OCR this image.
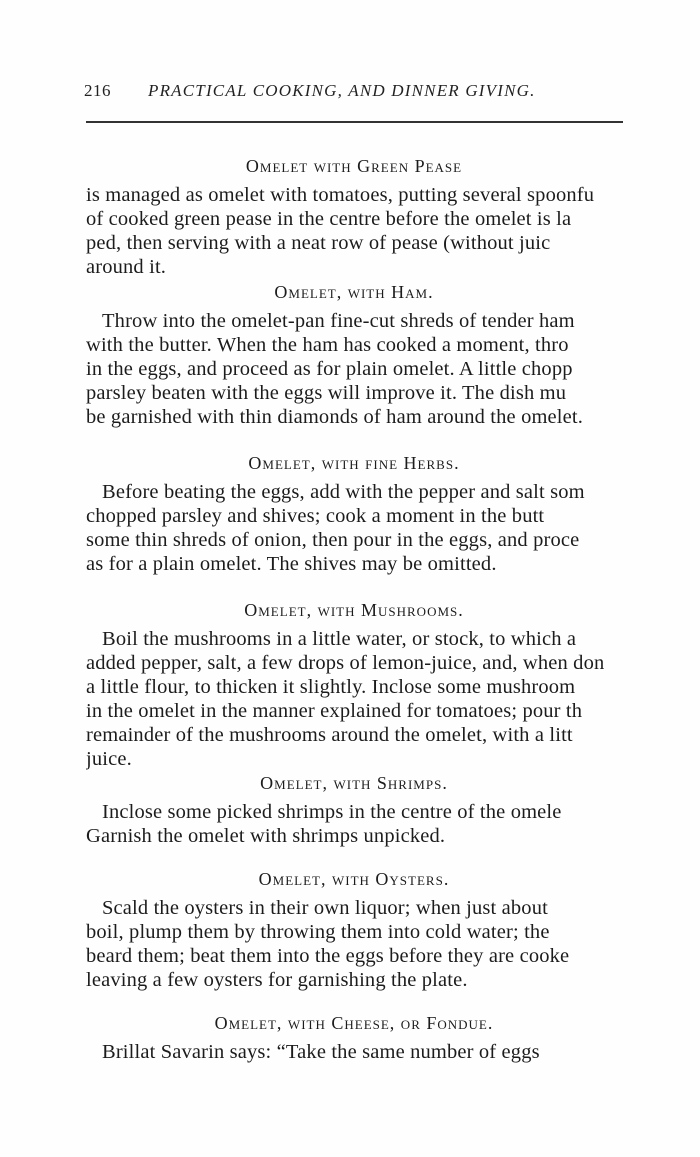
216 PRACTICAL COOKING, AND DINNER GIVING.
Omelet with Green Pease
is managed as omelet with tomatoes, putting several spoonfu
of cooked green pease in the centre before the omelet is la
ped, then serving with a neat row of pease (without juic
around it.
Omelet, with Ham.
Throw into the omelet-pan fine-cut shreds of tender ham
with the butter. When the ham has cooked a moment, thro
in the eggs, and proceed as for plain omelet. A little chopp
parsley beaten with the eggs will improve it. The dish mu
be garnished with thin diamonds of ham around the omelet.
Omelet, with fine Herbs.
Before beating the eggs, add with the pepper and salt som
chopped parsley and shives; cook a moment in the butt
some thin shreds of onion, then pour in the eggs, and proce
as for a plain omelet. The shives may be omitted.
Omelet, with Mushrooms.
Boil the mushrooms in a little water, or stock, to which a
added pepper, salt, a few drops of lemon-juice, and, when don
a little flour, to thicken it slightly. Inclose some mushroom
in the omelet in the manner explained for tomatoes; pour th
remainder of the mushrooms around the omelet, with a litt
juice.
Omelet, with Shrimps.
Inclose some picked shrimps in the centre of the omele
Garnish the omelet with shrimps unpicked.
Omelet, with Oysters.
Scald the oysters in their own liquor; when just about
boil, plump them by throwing them into cold water; the
beard them; beat them into the eggs before they are cooke
leaving a few oysters for garnishing the plate.
Omelet, with Cheese, or Fondue.
Brillat Savarin says: “Take the same number of eggs
